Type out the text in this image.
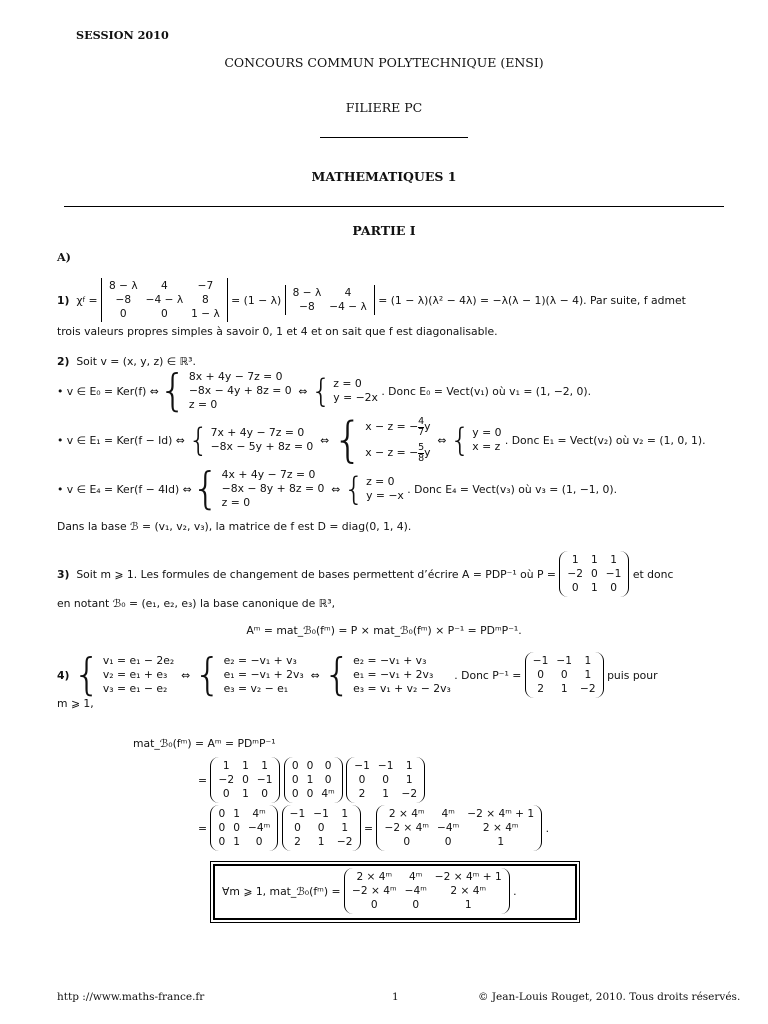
SESSION 2010
CONCOURS COMMUN POLYTECHNIQUE (ENSI)
FILIERE PC
MATHEMATIQUES 1
PARTIE I
A)
1)
χ f
=

8 − λ	4	−7
−8	−4 − λ	8
0	0	1 − λ

= (1 − λ)

8 − λ	4
−8	−4 − λ

= (1 − λ)(λ² − 4λ) = −λ(λ − 1)(λ − 4). Par suite, f admet
trois valeurs propres simples à savoir 0, 1 et 4 et on sait que f est diagonalisable.
2) Soit v = (x, y, z) ∈ ℝ³.
• v ∈ E₀ = Ker(f) ⇔ { 8x + 4y − 7z = 0
−8x − 4y + 8z = 0
z = 0
⇔ { z = 0
y = −2x
. Donc E₀ = Vect(v₁) où v₁ = (1, −2, 0).
• v ∈ E₁ = Ker(f − Id) ⇔
{ 7x + 4y − 7z = 0
−8x − 5y + 8z = 0 ⇔ { x − z = − $\frac{4}{7}$ y
x − z = − $\frac{5}{8}$ y
⇔ { y = 0
x = z
. Donc E₁ = Vect(v₂) où v₂ = (1, 0, 1).
• v ∈ E₄ = Ker(f − 4Id) ⇔ { 4x + 4y − 7z = 0
−8x − 8y + 8z = 0
z = 0
⇔ { z = 0
y = −x
. Donc E₄ = Vect(v₃) où v₃ = (1, −1, 0).
Dans la base ℬ = (v₁, v₂, v₃), la matrice de f est D = diag(0, 1, 4).
3)
Soit m ⩾ 1. Les formules de changement de bases permettent d’écrire A = PDP⁻¹ où P =

1	1	1
−2	0	−1
0	1	0

et donc
en notant ℬ₀ = (e₁, e₂, e₃) la base canonique de ℝ³,
Aᵐ = mat_ℬ₀(fᵐ) = P × mat_ℬ₀(fᵐ) × P⁻¹ = PDᵐP⁻¹.
4)
{ v₁ = e₁ − 2e₂
v₂ = e₁ + e₃
v₃ = e₁ − e₂

⇔
{ e₂ = −v₁ + v₃
e₁ = −v₁ + 2v₃
e₃ = v₂ − e₁

⇔
{ e₂ = −v₁ + v₃
e₁ = −v₁ + 2v₃
e₃ = v₁ + v₂ − 2v₃

. Donc P⁻¹ =

−1	−1	1
0	0	1
2	1	−2

puis pour
m ⩾ 1,
mat_ℬ₀(fᵐ) = Aᵐ = PDᵐP⁻¹
=

1	1	1
−2	0	−1
0	1	0

0	0	0
0	1	0
0	0	4ᵐ

−1	−1	1
0	0	1
2	1	−2
=

0	1	4ᵐ
0	0	−4ᵐ
0	1	0

−1	−1	1
0	0	1
2	1	−2

=

2 × 4ᵐ	4ᵐ	−2 × 4ᵐ + 1
−2 × 4ᵐ	−4ᵐ	2 × 4ᵐ
0	0	1

.
∀m ⩾ 1, mat_ℬ₀(fᵐ) =

2 × 4ᵐ	4ᵐ	−2 × 4ᵐ + 1
−2 × 4ᵐ	−4ᵐ	2 × 4ᵐ
0	0	1

.
http ://www.maths-france.fr	1	© Jean-Louis Rouget, 2010. Tous droits réservés.
